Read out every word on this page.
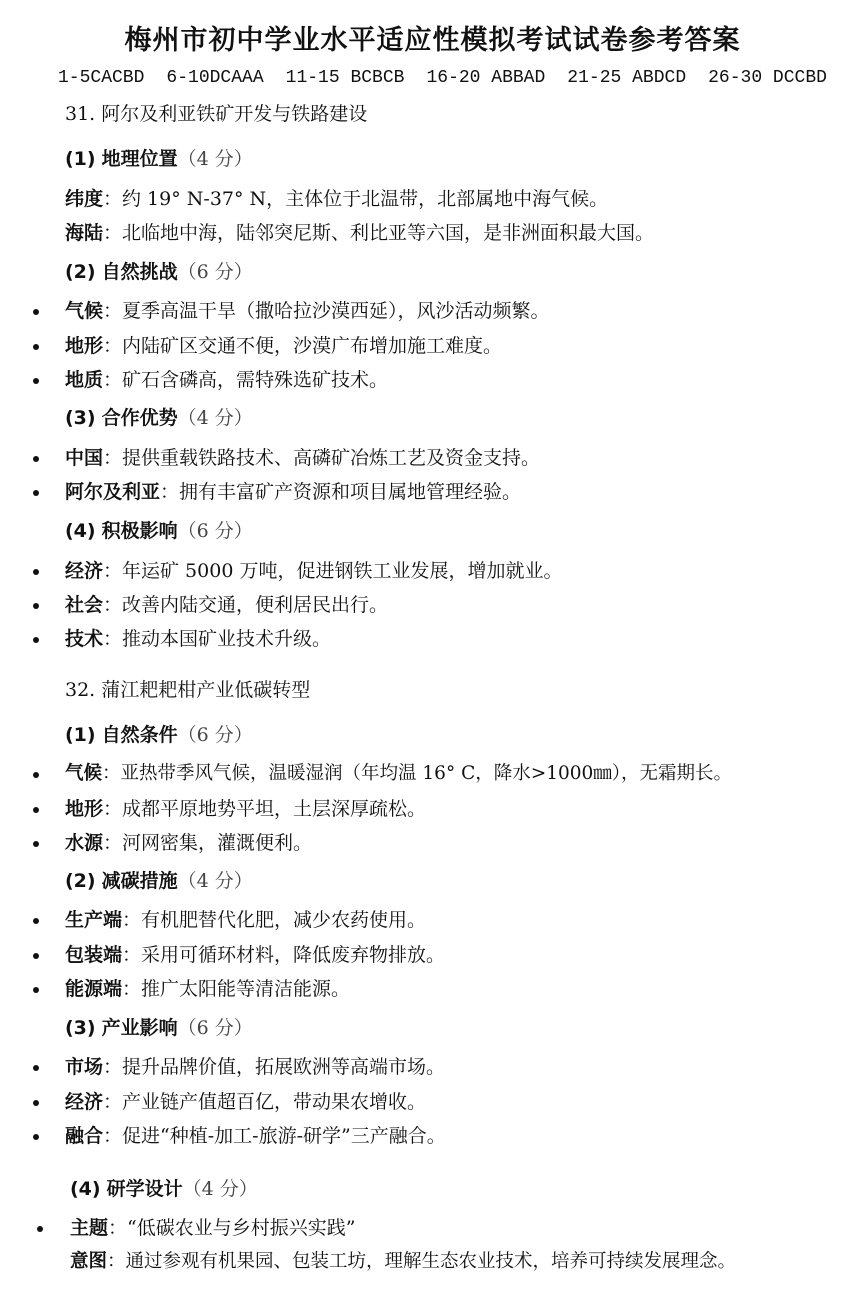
梅州市初中学业水平适应性模拟考试试卷参考答案
1-5CACBD 6-10DCAAA 11-15 BCBCB 16-20 ABBAD 21-25 ABDCD 26-30 DCCBD
31. 阿尔及利亚铁矿开发与铁路建设
(1) 地理位置（4 分）
纬度：约 19° N-37° N，主体位于北温带，北部属地中海气候。
海陆：北临地中海，陆邻突尼斯、利比亚等六国，是非洲面积最大国。
(2) 自然挑战（6 分）
气候：夏季高温干旱（撒哈拉沙漠西延），风沙活动频繁。
地形：内陆矿区交通不便，沙漠广布增加施工难度。
地质：矿石含磷高，需特殊选矿技术。
(3) 合作优势（4 分）
中国：提供重载铁路技术、高磷矿冶炼工艺及资金支持。
阿尔及利亚：拥有丰富矿产资源和项目属地管理经验。
(4) 积极影响（6 分）
经济：年运矿 5000 万吨，促进钢铁工业发展，增加就业。
社会：改善内陆交通，便利居民出行。
技术：推动本国矿业技术升级。
32. 蒲江耙耙柑产业低碳转型
(1) 自然条件（6 分）
气候：亚热带季风气候，温暖湿润（年均温 16° C，降水>1000㎜），无霜期长。
地形：成都平原地势平坦，土层深厚疏松。
水源：河网密集，灌溉便利。
(2) 减碳措施（4 分）
生产端：有机肥替代化肥，减少农药使用。
包装端：采用可循环材料，降低废弃物排放。
能源端：推广太阳能等清洁能源。
(3) 产业影响（6 分）
市场：提升品牌价值，拓展欧洲等高端市场。
经济：产业链产值超百亿，带动果农增收。
融合：促进“种植-加工-旅游-研学”三产融合。
(4) 研学设计（4 分）
主题：“低碳农业与乡村振兴实践”
意图：通过参观有机果园、包装工坊，理解生态农业技术，培养可持续发展理念。
